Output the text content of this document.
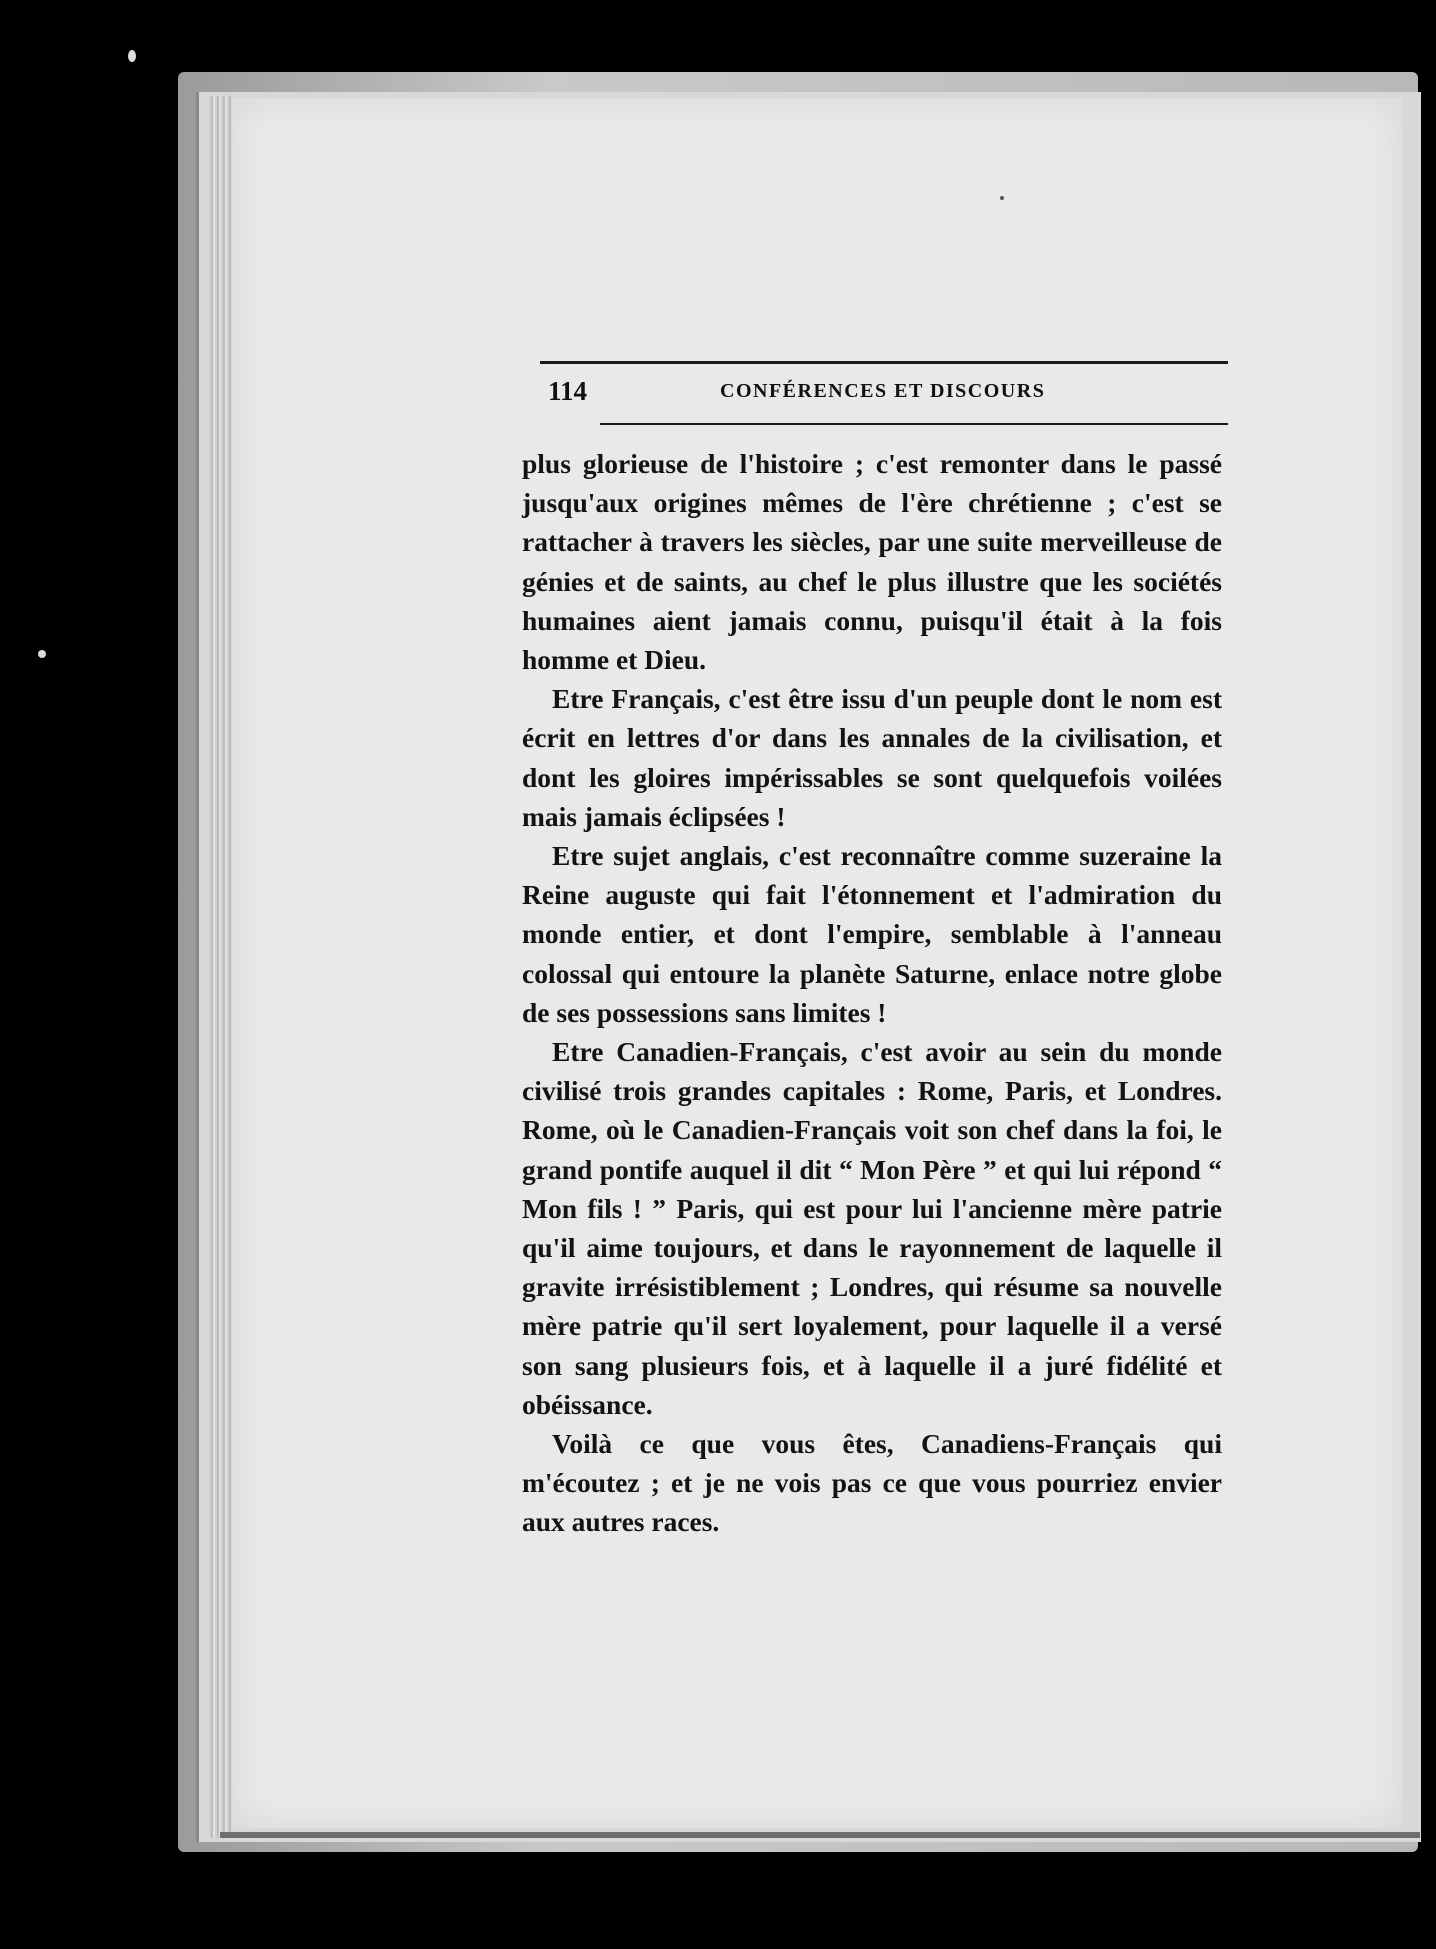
114	CONFÉRENCES ET DISCOURS

plus glorieuse de l'histoire ; c'est remonter dans le passé jusqu'aux origines mêmes de l'ère chrétienne ; c'est se rattacher à travers les siècles, par une suite merveilleuse de génies et de saints, au chef le plus illustre que les sociétés humaines aient jamais connu, puisqu'il était à la fois homme et Dieu.

Etre Français, c'est être issu d'un peuple dont le nom est écrit en lettres d'or dans les annales de la civilisation, et dont les gloires impérissables se sont quelquefois voilées mais jamais éclipsées !

Etre sujet anglais, c'est reconnaître comme suzeraine la Reine auguste qui fait l'étonnement et l'admiration du monde entier, et dont l'empire, semblable à l'anneau colossal qui entoure la planète Saturne, enlace notre globe de ses possessions sans limites !

Etre Canadien-Français, c'est avoir au sein du monde civilisé trois grandes capitales : Rome, Paris, et Londres. Rome, où le Canadien-Français voit son chef dans la foi, le grand pontife auquel il dit “ Mon Père ” et qui lui répond “ Mon fils ! ” Paris, qui est pour lui l'ancienne mère patrie qu'il aime toujours, et dans le rayonnement de laquelle il gravite irrésistiblement ; Londres, qui résume sa nouvelle mère patrie qu'il sert loyalement, pour laquelle il a versé son sang plusieurs fois, et à laquelle il a juré fidélité et obéissance.

Voilà ce que vous êtes, Canadiens-Français qui m'écoutez ; et je ne vois pas ce que vous pourriez envier aux autres races.
